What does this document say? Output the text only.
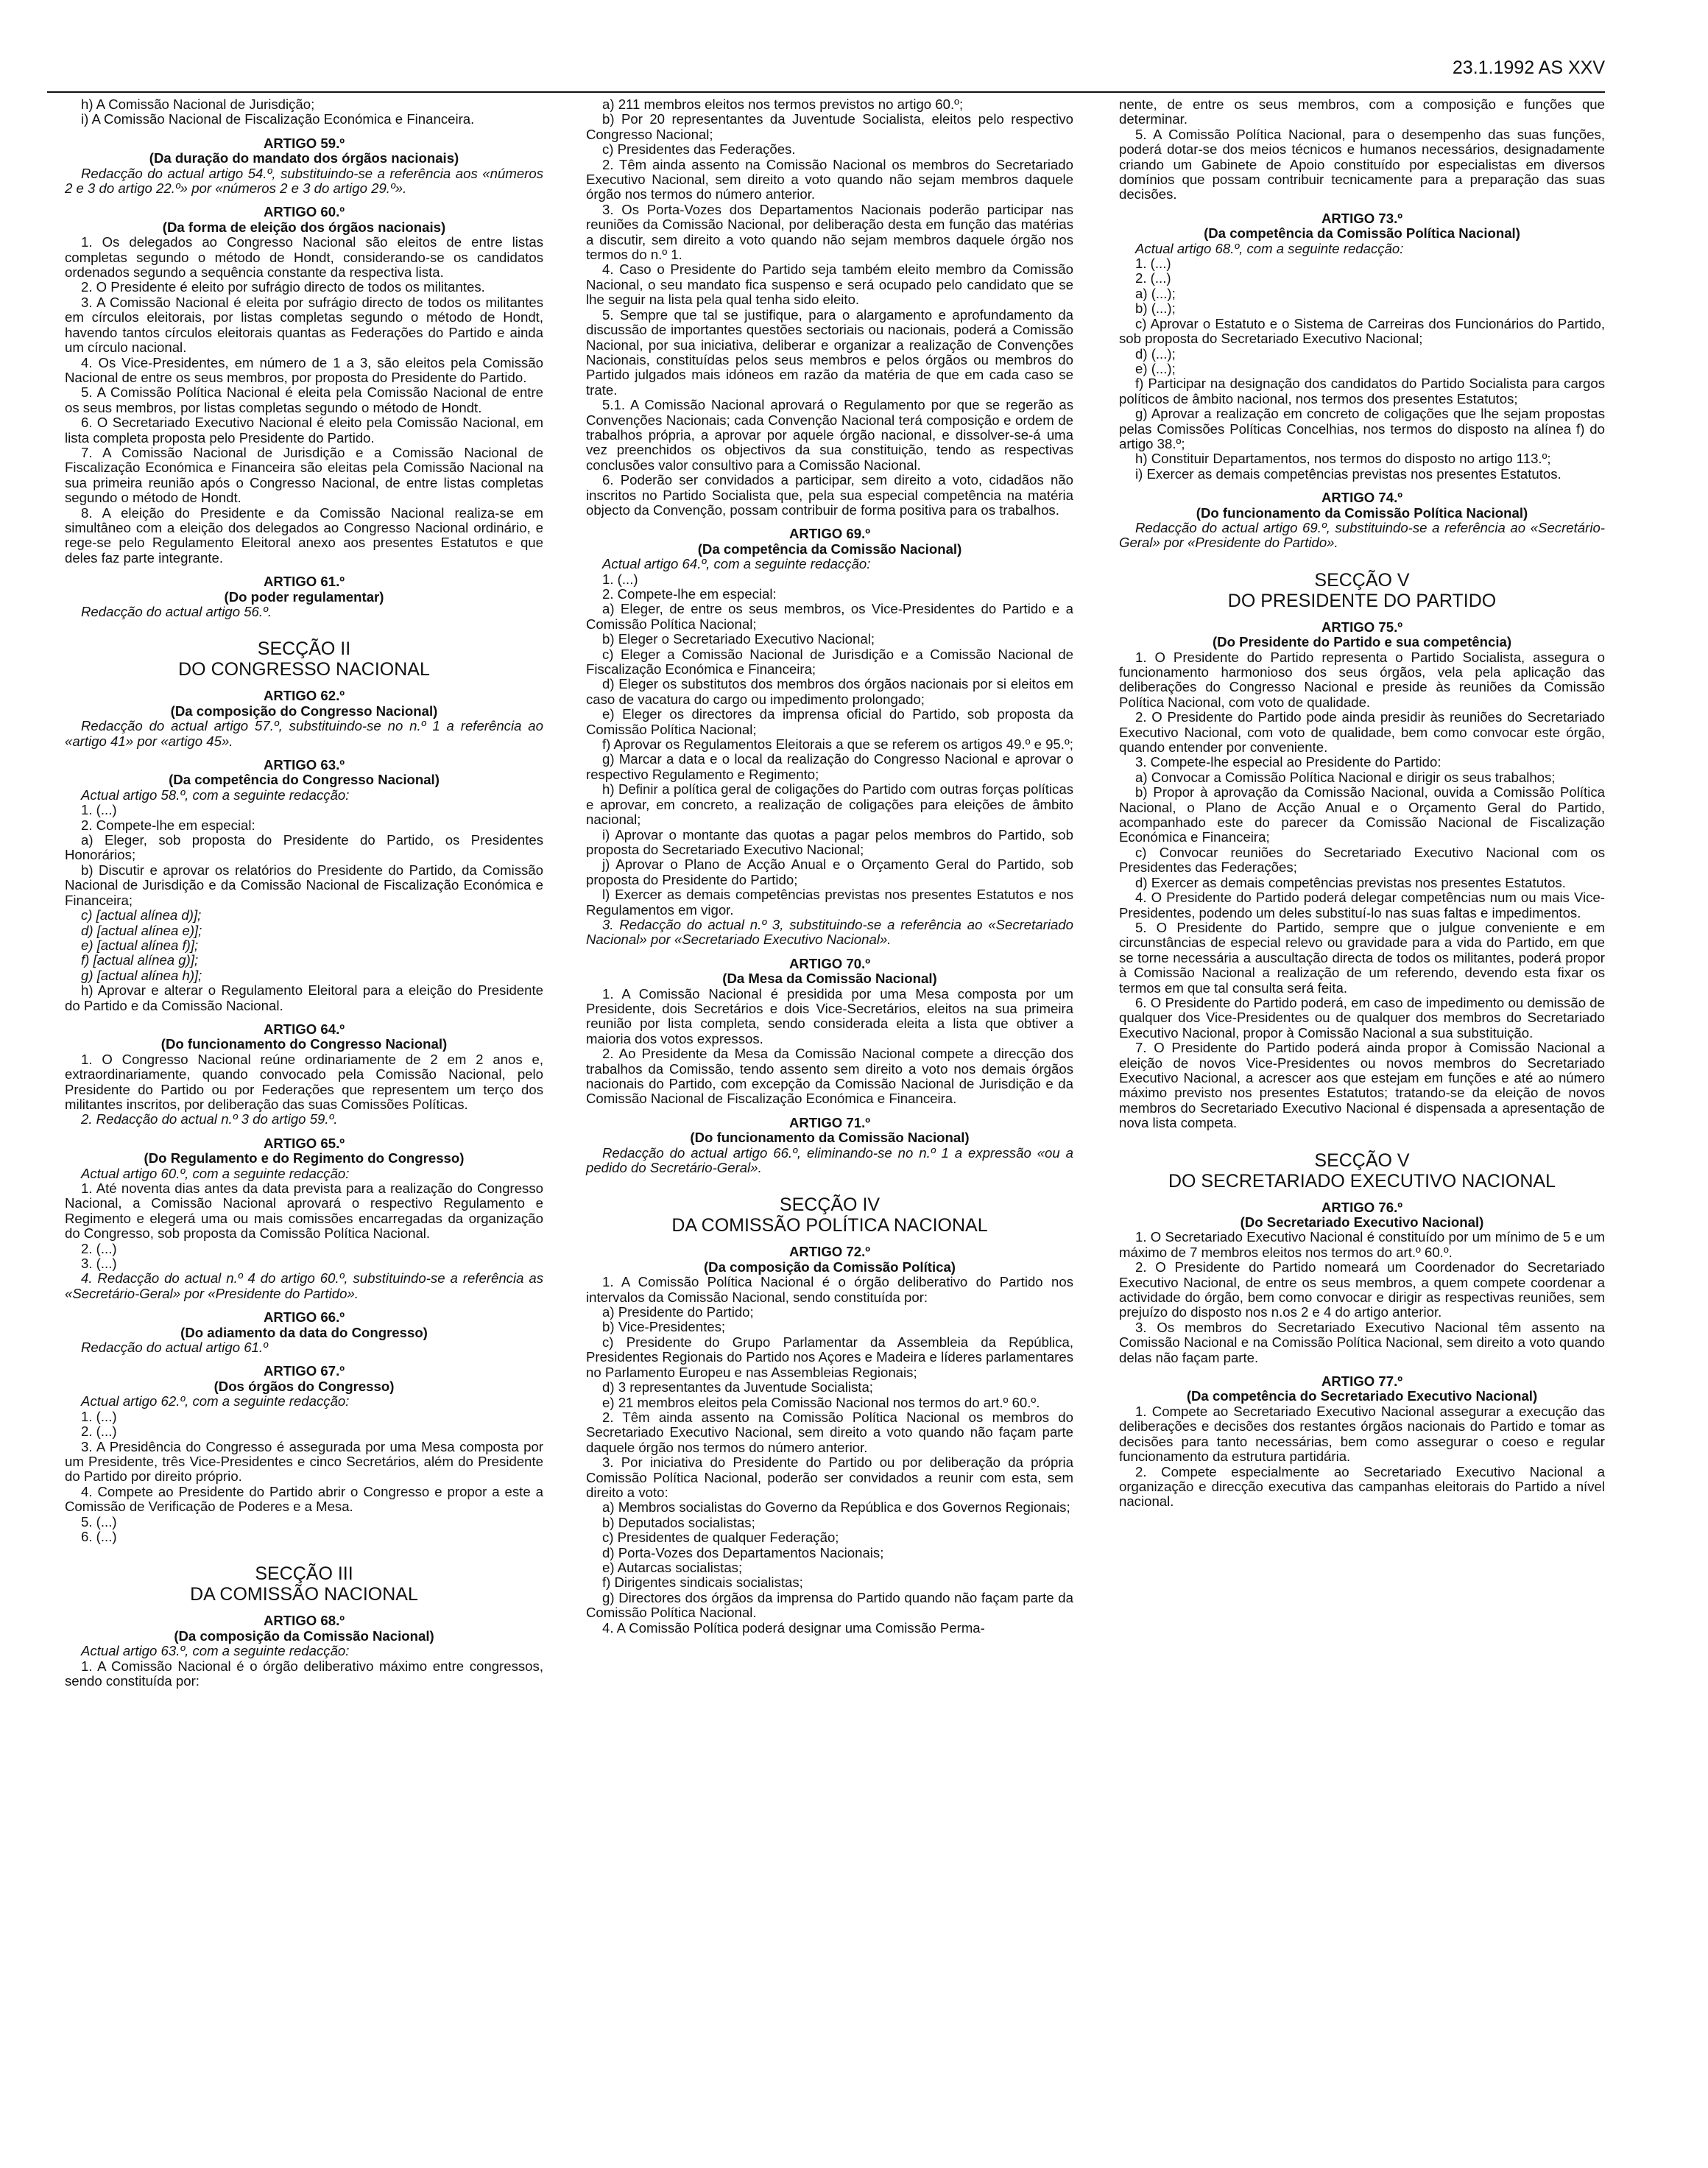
23.1.1992 AS XXV

h) A Comissão Nacional de Jurisdição;

i) A Comissão Nacional de Fiscalização Económica e Financeira.

ARTIGO 59.º

(Da duração do mandato dos órgãos nacionais)

Redacção do actual artigo 54.º, substituindo-se a referência aos «números 2 e 3 do artigo 22.º» por «números 2 e 3 do artigo 29.º».

ARTIGO 60.º

(Da forma de eleição dos órgãos nacionais)

1. Os delegados ao Congresso Nacional são eleitos de entre listas completas segundo o método de Hondt, considerando-se os candidatos ordenados segundo a sequência constante da respectiva lista.

2. O Presidente é eleito por sufrágio directo de todos os militantes.

3. A Comissão Nacional é eleita por sufrágio directo de todos os militantes em círculos eleitorais, por listas completas segundo o método de Hondt, havendo tantos círculos eleitorais quantas as Federações do Partido e ainda um círculo nacional.

4. Os Vice-Presidentes, em número de 1 a 3, são eleitos pela Comissão Nacional de entre os seus membros, por proposta do Presidente do Partido.

5. A Comissão Política Nacional é eleita pela Comissão Nacional de entre os seus membros, por listas completas segundo o método de Hondt.

6. O Secretariado Executivo Nacional é eleito pela Comissão Nacional, em lista completa proposta pelo Presidente do Partido.

7. A Comissão Nacional de Jurisdição e a Comissão Nacional de Fiscalização Económica e Financeira são eleitas pela Comissão Nacional na sua primeira reunião após o Congresso Nacional, de entre listas completas segundo o método de Hondt.

8. A eleição do Presidente e da Comissão Nacional realiza-se em simultâneo com a eleição dos delegados ao Congresso Nacional ordinário, e rege-se pelo Regulamento Eleitoral anexo aos presentes Estatutos e que deles faz parte integrante.

ARTIGO 61.º

(Do poder regulamentar)

Redacção do actual artigo 56.º.

SECÇÃO II
DO CONGRESSO NACIONAL

ARTIGO 62.º

(Da composição do Congresso Nacional)

Redacção do actual artigo 57.º, substituindo-se no n.º 1 a referência ao «artigo 41» por «artigo 45».

ARTIGO 63.º

(Da competência do Congresso Nacional)

Actual artigo 58.º, com a seguinte redacção:

1. (...)

2. Compete-lhe em especial:

a) Eleger, sob proposta do Presidente do Partido, os Presidentes Honorários;

b) Discutir e aprovar os relatórios do Presidente do Partido, da Comissão Nacional de Jurisdição e da Comissão Nacional de Fiscalização Económica e Financeira;

c) [actual alínea d)];

d) [actual alínea e)];

e) [actual alínea f)];

f) [actual alínea g)];

g) [actual alínea h)];

h) Aprovar e alterar o Regulamento Eleitoral para a eleição do Presidente do Partido e da Comissão Nacional.

ARTIGO 64.º

(Do funcionamento do Congresso Nacional)

1. O Congresso Nacional reúne ordinariamente de 2 em 2 anos e, extraordinariamente, quando convocado pela Comissão Nacional, pelo Presidente do Partido ou por Federações que representem um terço dos militantes inscritos, por deliberação das suas Comissões Políticas.

2. Redacção do actual n.º 3 do artigo 59.º.

ARTIGO 65.º

(Do Regulamento e do Regimento do Congresso)

Actual artigo 60.º, com a seguinte redacção:

1. Até noventa dias antes da data prevista para a realização do Congresso Nacional, a Comissão Nacional aprovará o respectivo Regulamento e Regimento e elegerá uma ou mais comissões encarregadas da organização do Congresso, sob proposta da Comissão Política Nacional.

2. (...)

3. (...)

4. Redacção do actual n.º 4 do artigo 60.º, substituindo-se a referência as «Secretário-Geral» por «Presidente do Partido».

ARTIGO 66.º

(Do adiamento da data do Congresso)

Redacção do actual artigo 61.º

ARTIGO 67.º

(Dos órgãos do Congresso)

Actual artigo 62.º, com a seguinte redacção:

1. (...)

2. (...)

3. A Presidência do Congresso é assegurada por uma Mesa composta por um Presidente, três Vice-Presidentes e cinco Secretários, além do Presidente do Partido por direito próprio.

4. Compete ao Presidente do Partido abrir o Congresso e propor a este a Comissão de Verificação de Poderes e a Mesa.

5. (...)

6. (...)

SECÇÃO III
DA COMISSÃO NACIONAL

ARTIGO 68.º

(Da composição da Comissão Nacional)

Actual artigo 63.º, com a seguinte redacção:

1. A Comissão Nacional é o órgão deliberativo máximo entre congressos, sendo constituída por:

a) 211 membros eleitos nos termos previstos no artigo 60.º;

b) Por 20 representantes da Juventude Socialista, eleitos pelo respectivo Congresso Nacional;

c) Presidentes das Federações.

2. Têm ainda assento na Comissão Nacional os membros do Secretariado Executivo Nacional, sem direito a voto quando não sejam membros daquele órgão nos termos do número anterior.

3. Os Porta-Vozes dos Departamentos Nacionais poderão participar nas reuniões da Comissão Nacional, por deliberação desta em função das matérias a discutir, sem direito a voto quando não sejam membros daquele órgão nos termos do n.º 1.

4. Caso o Presidente do Partido seja também eleito membro da Comissão Nacional, o seu mandato fica suspenso e será ocupado pelo candidato que se lhe seguir na lista pela qual tenha sido eleito.

5. Sempre que tal se justifique, para o alargamento e aprofundamento da discussão de importantes questões sectoriais ou nacionais, poderá a Comissão Nacional, por sua iniciativa, deliberar e organizar a realização de Convenções Nacionais, constituídas pelos seus membros e pelos órgãos ou membros do Partido julgados mais idóneos em razão da matéria de que em cada caso se trate.

5.1. A Comissão Nacional aprovará o Regulamento por que se regerão as Convenções Nacionais; cada Convenção Nacional terá composição e ordem de trabalhos própria, a aprovar por aquele órgão nacional, e dissolver-se-á uma vez preenchidos os objectivos da sua constituição, tendo as respectivas conclusões valor consultivo para a Comissão Nacional.

6. Poderão ser convidados a participar, sem direito a voto, cidadãos não inscritos no Partido Socialista que, pela sua especial competência na matéria objecto da Convenção, possam contribuir de forma positiva para os trabalhos.

ARTIGO 69.º

(Da competência da Comissão Nacional)

Actual artigo 64.º, com a seguinte redacção:

1. (...)

2. Compete-lhe em especial:

a) Eleger, de entre os seus membros, os Vice-Presidentes do Partido e a Comissão Política Nacional;

b) Eleger o Secretariado Executivo Nacional;

c) Eleger a Comissão Nacional de Jurisdição e a Comissão Nacional de Fiscalização Económica e Financeira;

d) Eleger os substitutos dos membros dos órgãos nacionais por si eleitos em caso de vacatura do cargo ou impedimento prolongado;

e) Eleger os directores da imprensa oficial do Partido, sob proposta da Comissão Política Nacional;

f) Aprovar os Regulamentos Eleitorais a que se referem os artigos 49.º e 95.º;

g) Marcar a data e o local da realização do Congresso Nacional e aprovar o respectivo Regulamento e Regimento;

h) Definir a política geral de coligações do Partido com outras forças políticas e aprovar, em concreto, a realização de coligações para eleições de âmbito nacional;

i) Aprovar o montante das quotas a pagar pelos membros do Partido, sob proposta do Secretariado Executivo Nacional;

j) Aprovar o Plano de Acção Anual e o Orçamento Geral do Partido, sob proposta do Presidente do Partido;

l) Exercer as demais competências previstas nos presentes Estatutos e nos Regulamentos em vigor.

3. Redacção do actual n.º 3, substituindo-se a referência ao «Secretariado Nacional» por «Secretariado Executivo Nacional».

ARTIGO 70.º

(Da Mesa da Comissão Nacional)

1. A Comissão Nacional é presidida por uma Mesa composta por um Presidente, dois Secretários e dois Vice-Secretários, eleitos na sua primeira reunião por lista completa, sendo considerada eleita a lista que obtiver a maioria dos votos expressos.

2. Ao Presidente da Mesa da Comissão Nacional compete a direcção dos trabalhos da Comissão, tendo assento sem direito a voto nos demais órgãos nacionais do Partido, com excepção da Comissão Nacional de Jurisdição e da Comissão Nacional de Fiscalização Económica e Financeira.

ARTIGO 71.º

(Do funcionamento da Comissão Nacional)

Redacção do actual artigo 66.º, eliminando-se no n.º 1 a expressão «ou a pedido do Secretário-Geral».

SECÇÃO IV
DA COMISSÃO POLÍTICA NACIONAL

ARTIGO 72.º

(Da composição da Comissão Política)

1. A Comissão Política Nacional é o órgão deliberativo do Partido nos intervalos da Comissão Nacional, sendo constituída por:

a) Presidente do Partido;

b) Vice-Presidentes;

c) Presidente do Grupo Parlamentar da Assembleia da República, Presidentes Regionais do Partido nos Açores e Madeira e líderes parlamentares no Parlamento Europeu e nas Assembleias Regionais;

d) 3 representantes da Juventude Socialista;

e) 21 membros eleitos pela Comissão Nacional nos termos do art.º 60.º.

2. Têm ainda assento na Comissão Política Nacional os membros do Secretariado Executivo Nacional, sem direito a voto quando não façam parte daquele órgão nos termos do número anterior.

3. Por iniciativa do Presidente do Partido ou por deliberação da própria Comissão Política Nacional, poderão ser convidados a reunir com esta, sem direito a voto:

a) Membros socialistas do Governo da República e dos Governos Regionais;

b) Deputados socialistas;

c) Presidentes de qualquer Federação;

d) Porta-Vozes dos Departamentos Nacionais;

e) Autarcas socialistas;

f) Dirigentes sindicais socialistas;

g) Directores dos órgãos da imprensa do Partido quando não façam parte da Comissão Política Nacional.

4. A Comissão Política poderá designar uma Comissão Perma-

nente, de entre os seus membros, com a composição e funções que determinar.

5. A Comissão Política Nacional, para o desempenho das suas funções, poderá dotar-se dos meios técnicos e humanos necessários, designadamente criando um Gabinete de Apoio constituído por especialistas em diversos domínios que possam contribuir tecnicamente para a preparação das suas decisões.

ARTIGO 73.º

(Da competência da Comissão Política Nacional)

Actual artigo 68.º, com a seguinte redacção:

1. (...)

2. (...)

a) (...);

b) (...);

c) Aprovar o Estatuto e o Sistema de Carreiras dos Funcionários do Partido, sob proposta do Secretariado Executivo Nacional;

d) (...);

e) (...);

f) Participar na designação dos candidatos do Partido Socialista para cargos políticos de âmbito nacional, nos termos dos presentes Estatutos;

g) Aprovar a realização em concreto de coligações que lhe sejam propostas pelas Comissões Políticas Concelhias, nos termos do disposto na alínea f) do artigo 38.º;

h) Constituir Departamentos, nos termos do disposto no artigo 113.º;

i) Exercer as demais competências previstas nos presentes Estatutos.

ARTIGO 74.º

(Do funcionamento da Comissão Política Nacional)

Redacção do actual artigo 69.º, substituindo-se a referência ao «Secretário-Geral» por «Presidente do Partido».

SECÇÃO V
DO PRESIDENTE DO PARTIDO

ARTIGO 75.º

(Do Presidente do Partido e sua competência)

1. O Presidente do Partido representa o Partido Socialista, assegura o funcionamento harmonioso dos seus órgãos, vela pela aplicação das deliberações do Congresso Nacional e preside às reuniões da Comissão Política Nacional, com voto de qualidade.

2. O Presidente do Partido pode ainda presidir às reuniões do Secretariado Executivo Nacional, com voto de qualidade, bem como convocar este órgão, quando entender por conveniente.

3. Compete-lhe especial ao Presidente do Partido:

a) Convocar a Comissão Política Nacional e dirigir os seus trabalhos;

b) Propor à aprovação da Comissão Nacional, ouvida a Comissão Política Nacional, o Plano de Acção Anual e o Orçamento Geral do Partido, acompanhado este do parecer da Comissão Nacional de Fiscalização Económica e Financeira;

c) Convocar reuniões do Secretariado Executivo Nacional com os Presidentes das Federações;

d) Exercer as demais competências previstas nos presentes Estatutos.

4. O Presidente do Partido poderá delegar competências num ou mais Vice-Presidentes, podendo um deles substituí-lo nas suas faltas e impedimentos.

5. O Presidente do Partido, sempre que o julgue conveniente e em circunstâncias de especial relevo ou gravidade para a vida do Partido, em que se torne necessária a auscultação directa de todos os militantes, poderá propor à Comissão Nacional a realização de um referendo, devendo esta fixar os termos em que tal consulta será feita.

6. O Presidente do Partido poderá, em caso de impedimento ou demissão de qualquer dos Vice-Presidentes ou de qualquer dos membros do Secretariado Executivo Nacional, propor à Comissão Nacional a sua substituição.

7. O Presidente do Partido poderá ainda propor à Comissão Nacional a eleição de novos Vice-Presidentes ou novos membros do Secretariado Executivo Nacional, a acrescer aos que estejam em funções e até ao número máximo previsto nos presentes Estatutos; tratando-se da eleição de novos membros do Secretariado Executivo Nacional é dispensada a apresentação de nova lista competa.

SECÇÃO V
DO SECRETARIADO EXECUTIVO NACIONAL

ARTIGO 76.º

(Do Secretariado Executivo Nacional)

1. O Secretariado Executivo Nacional é constituído por um mínimo de 5 e um máximo de 7 membros eleitos nos termos do art.º 60.º.

2. O Presidente do Partido nomeará um Coordenador do Secretariado Executivo Nacional, de entre os seus membros, a quem compete coordenar a actividade do órgão, bem como convocar e dirigir as respectivas reuniões, sem prejuízo do disposto nos n.os 2 e 4 do artigo anterior.

3. Os membros do Secretariado Executivo Nacional têm assento na Comissão Nacional e na Comissão Política Nacional, sem direito a voto quando delas não façam parte.

ARTIGO 77.º

(Da competência do Secretariado Executivo Nacional)

1. Compete ao Secretariado Executivo Nacional assegurar a execução das deliberações e decisões dos restantes órgãos nacionais do Partido e tomar as decisões para tanto necessárias, bem como assegurar o coeso e regular funcionamento da estrutura partidária.

2. Compete especialmente ao Secretariado Executivo Nacional a organização e direcção executiva das campanhas eleitorais do Partido a nível nacional.
